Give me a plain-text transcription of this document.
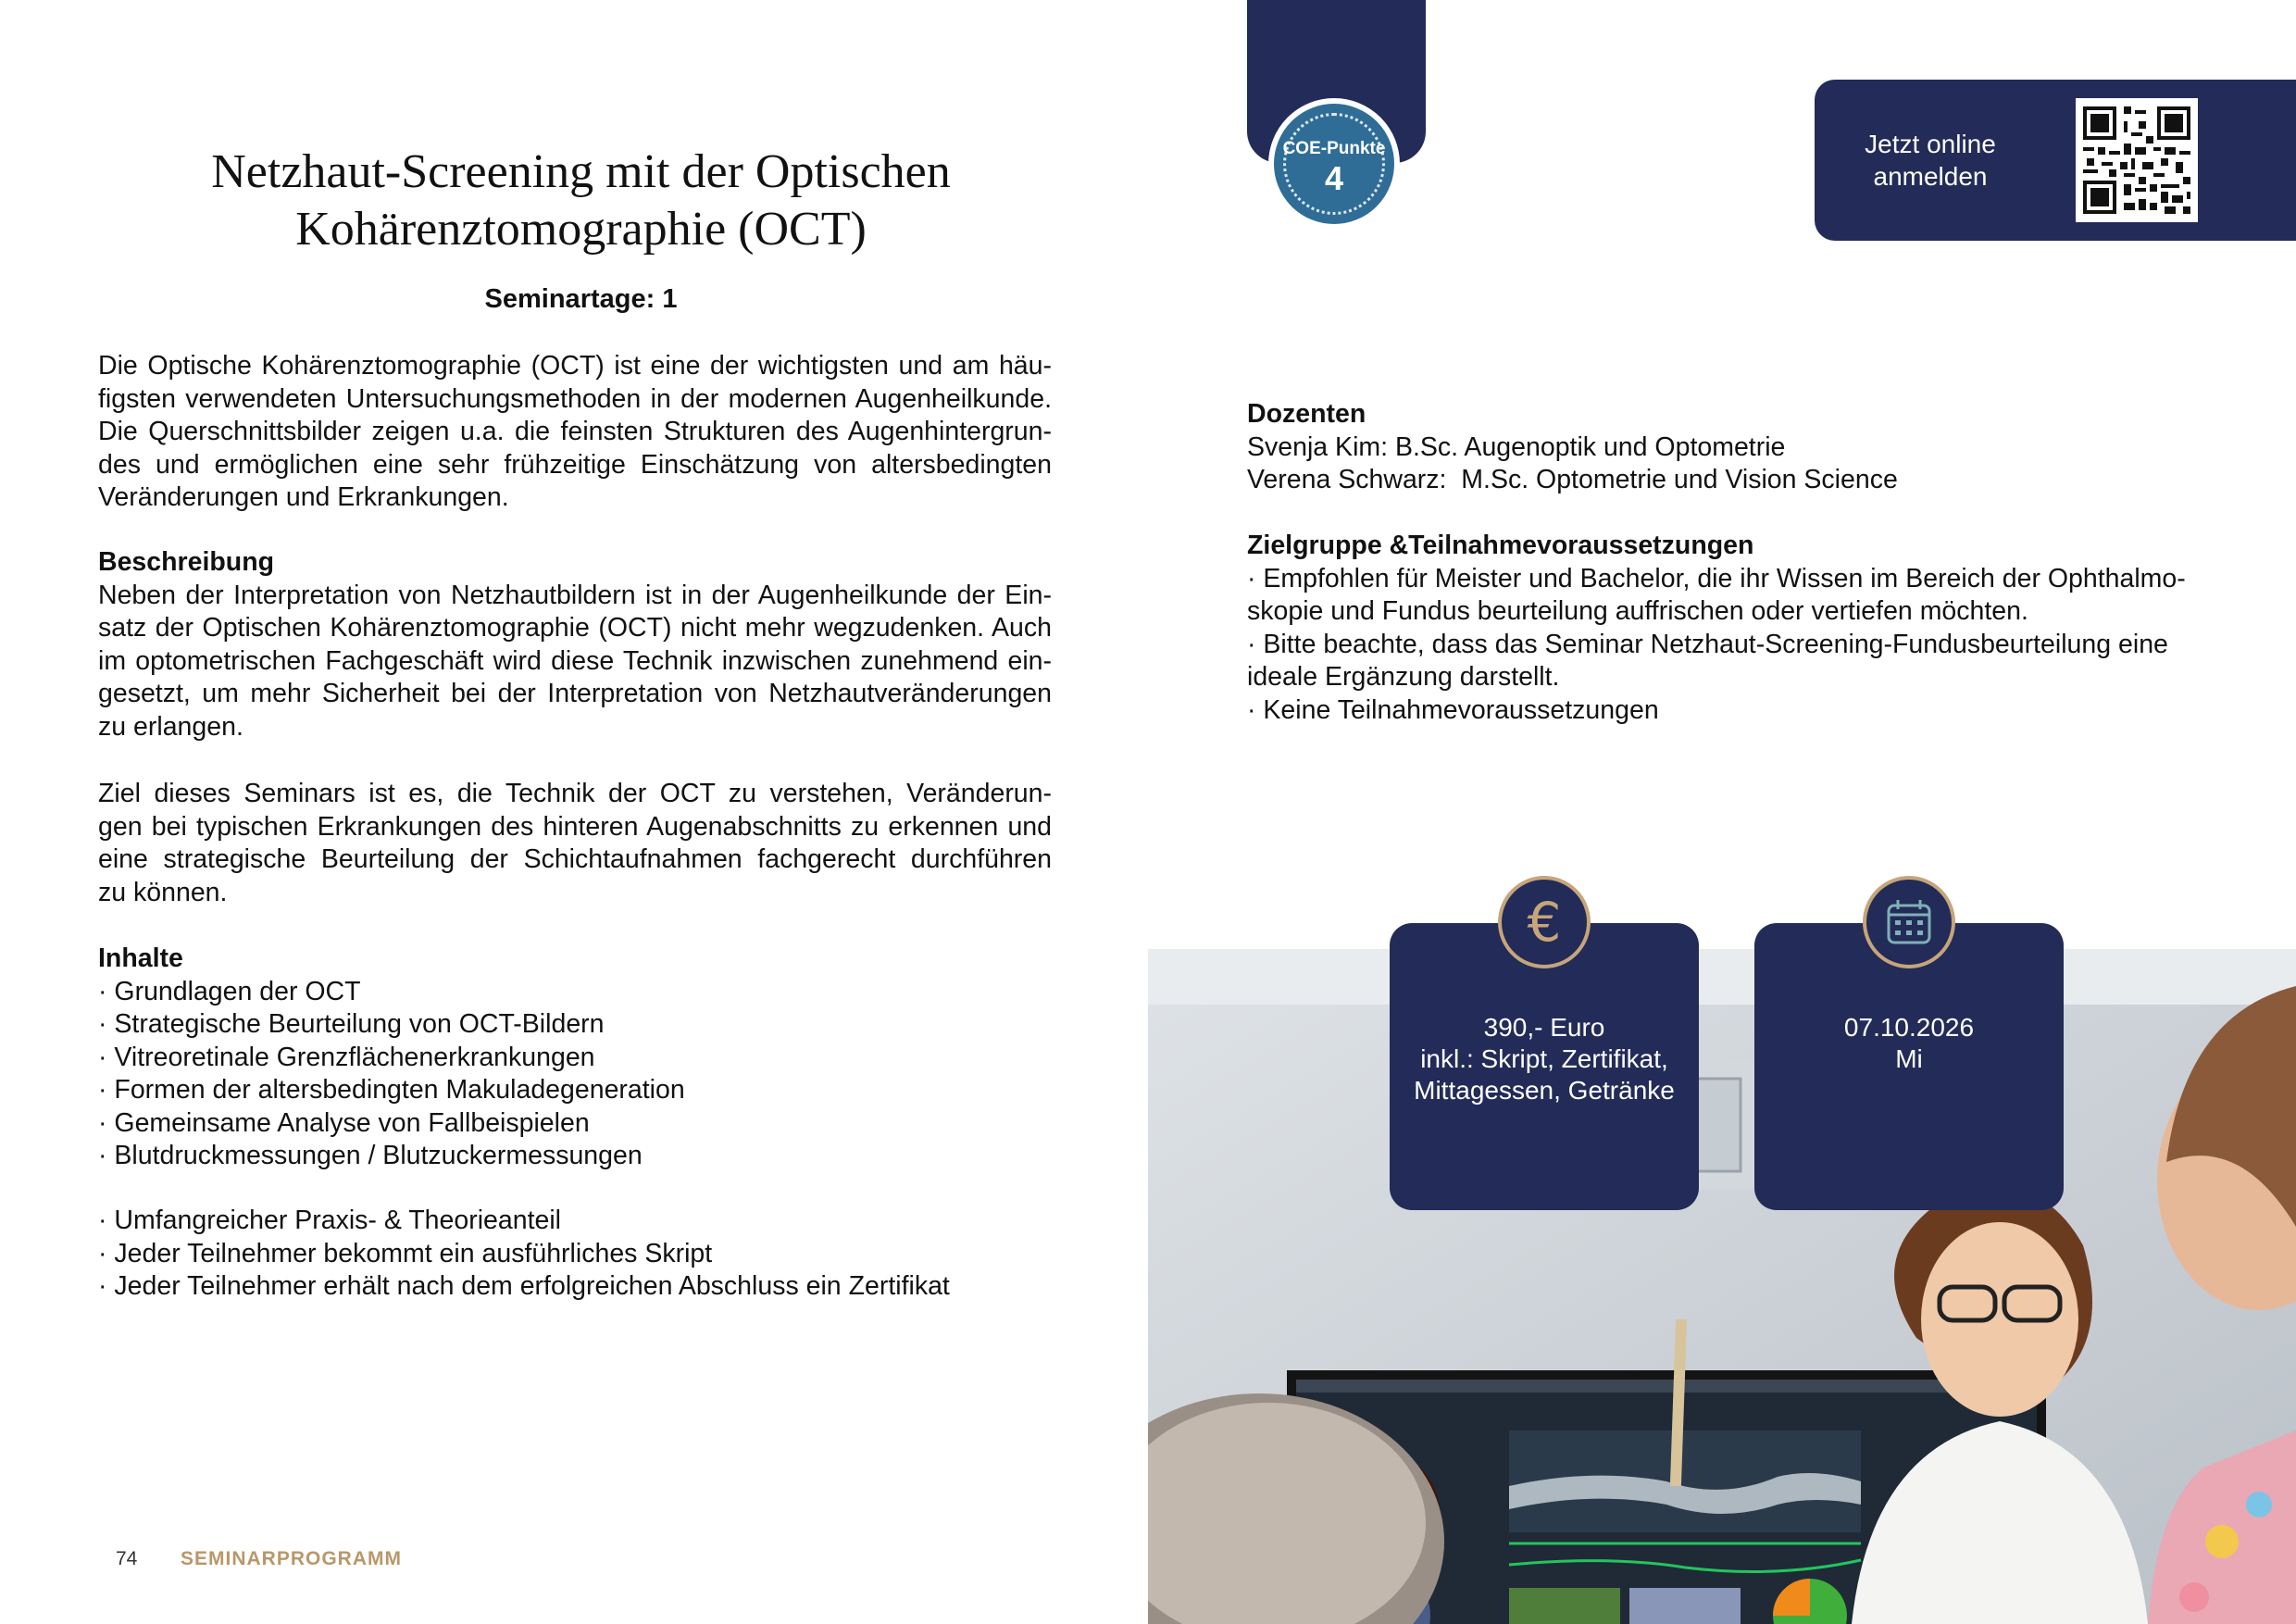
Netzhaut-Screening mit der Optischen
Kohärenztomographie (OCT)
Seminartage: 1

Die Optische Kohärenztomographie (OCT) ist eine der wichtigsten und am häu-

figsten verwendeten Untersuchungsmethoden in der modernen Augenheilkunde.

Die Querschnittsbilder zeigen u.a. die feinsten Strukturen des Augenhintergrun-

des und ermöglichen eine sehr frühzeitige Einschätzung von altersbedingten

Veränderungen und Erkrankungen.

Beschreibung

Neben der Interpretation von Netzhautbildern ist in der Augenheilkunde der Ein-

satz der Optischen Kohärenztomographie (OCT) nicht mehr wegzudenken. Auch

im optometrischen Fachgeschäft wird diese Technik inzwischen zunehmend ein-

gesetzt, um mehr Sicherheit bei der Interpretation von Netzhautveränderungen

zu erlangen.

Ziel dieses Seminars ist es, die Technik der OCT zu verstehen, Veränderun-

gen bei typischen Erkrankungen des hinteren Augenabschnitts zu erkennen und

eine strategische Beurteilung der Schichtaufnahmen fachgerecht durchführen

zu können.

Inhalte

· Grundlagen der OCT
· Strategische Beurteilung von OCT-Bildern
· Vitreoretinale Grenzflächenerkrankungen
· Formen der altersbedingten Makuladegeneration
· Gemeinsame Analyse von Fallbeispielen
· Blutdruckmessungen / Blutzuckermessungen
· Umfangreicher Praxis- & Theorieanteil
· Jeder Teilnehmer bekommt ein ausführliches Skript
· Jeder Teilnehmer erhält nach dem erfolgreichen Abschluss ein Zertifikat
74 SEMINARPROGRAMM
COE-Punkte
4
Jetzt online
anmelden

Dozenten

Svenja Kim: B.Sc. Augenoptik und Optometrie

Verena Schwarz:  M.Sc. Optometrie und Vision Science

Zielgruppe &Teilnahmevoraussetzungen

· Empfohlen für Meister und Bachelor, die ihr Wissen im Bereich der Ophthalmo-

skopie und Fundus beurteilung auffrischen oder vertiefen möchten.

· Bitte beachte, dass das Seminar Netzhaut-Screening-Fundusbeurteilung eine

ideale Ergänzung darstellt.

· Keine Teilnahmevoraussetzungen

390,- Euro
inkl.: Skript, Zertifikat,
Mittagessen, Getränke
07.10.2026
Mi
€
